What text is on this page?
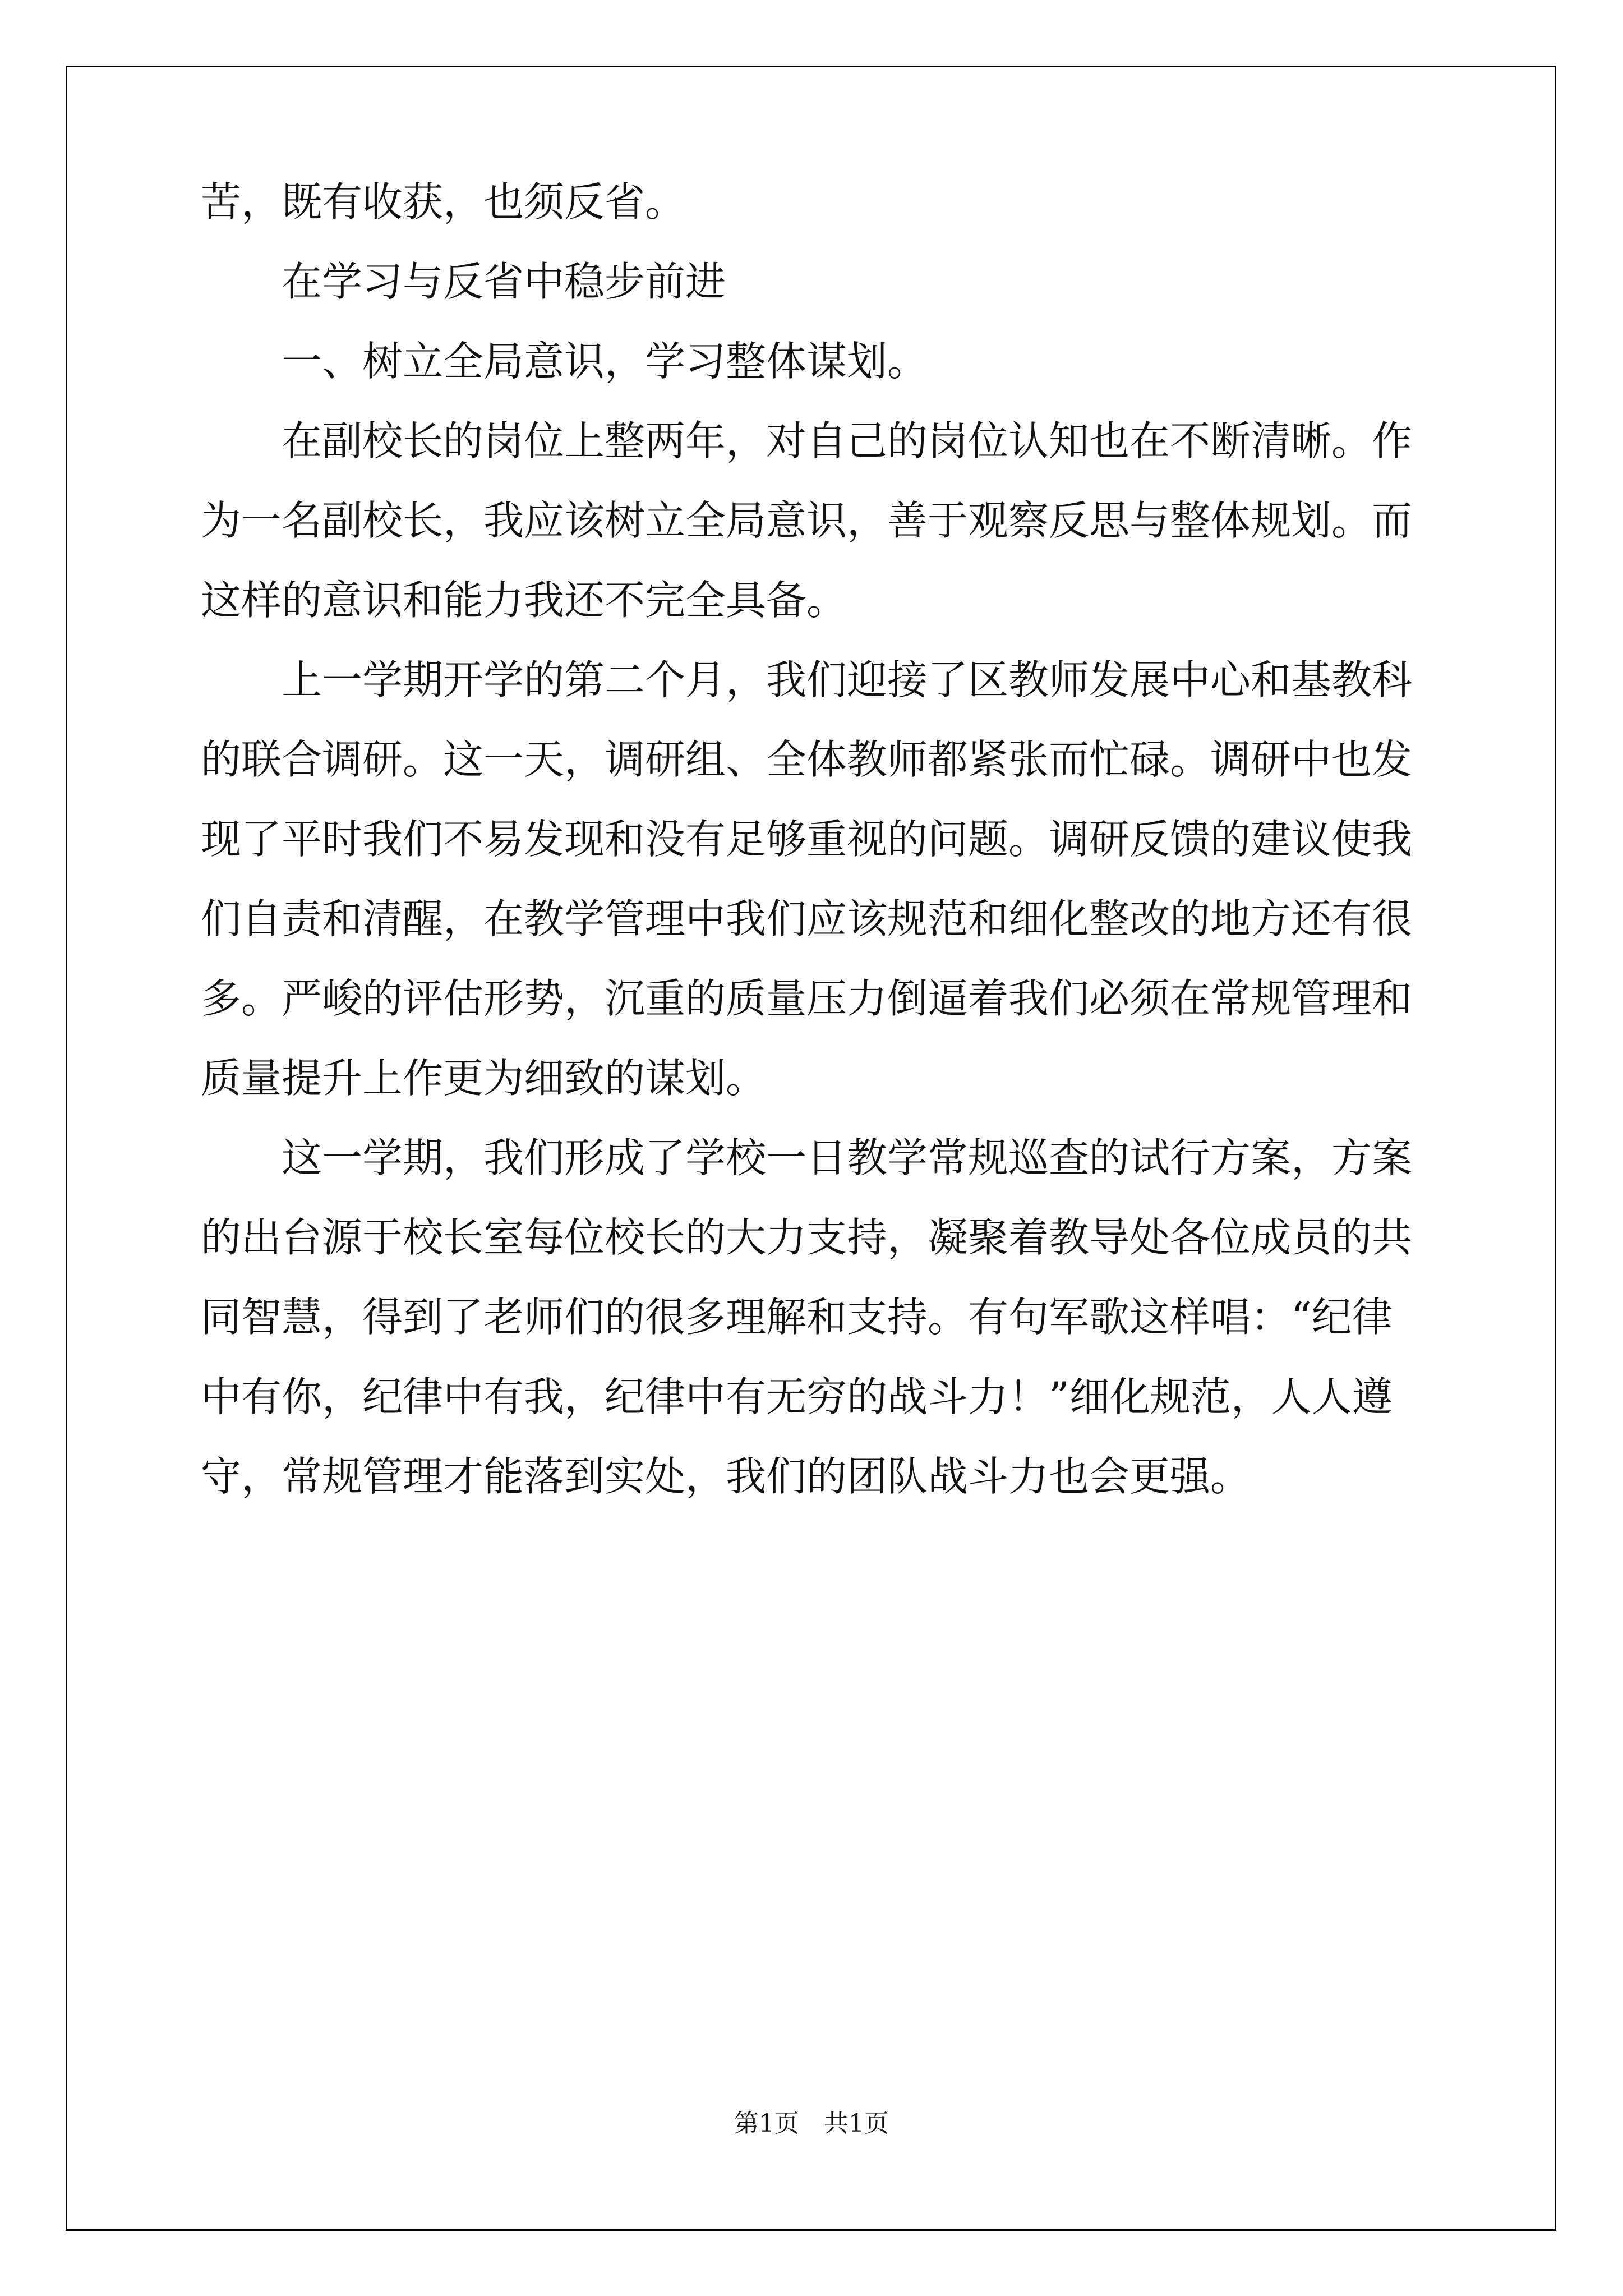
苦，既有收获，也须反省。
在学习与反省中稳步前进
一、树立全局意识，学习整体谋划。
在副校长的岗位上整两年，对自己的岗位认知也在不断清晰。作
为一名副校长，我应该树立全局意识，善于观察反思与整体规划。而
这样的意识和能力我还不完全具备。
上一学期开学的第二个月，我们迎接了区教师发展中心和基教科
的联合调研。这一天，调研组、全体教师都紧张而忙碌。调研中也发
现了平时我们不易发现和没有足够重视的问题。调研反馈的建议使我
们自责和清醒，在教学管理中我们应该规范和细化整改的地方还有很
多。严峻的评估形势，沉重的质量压力倒逼着我们必须在常规管理和
质量提升上作更为细致的谋划。
这一学期，我们形成了学校一日教学常规巡查的试行方案，方案
的出台源于校长室每位校长的大力支持，凝聚着教导处各位成员的共
同智慧，得到了老师们的很多理解和支持。有句军歌这样唱：“纪律
中有你，纪律中有我，纪律中有无穷的战斗力！”细化规范，人人遵
守，常规管理才能落到实处，我们的团队战斗力也会更强。
第1页　共1页
